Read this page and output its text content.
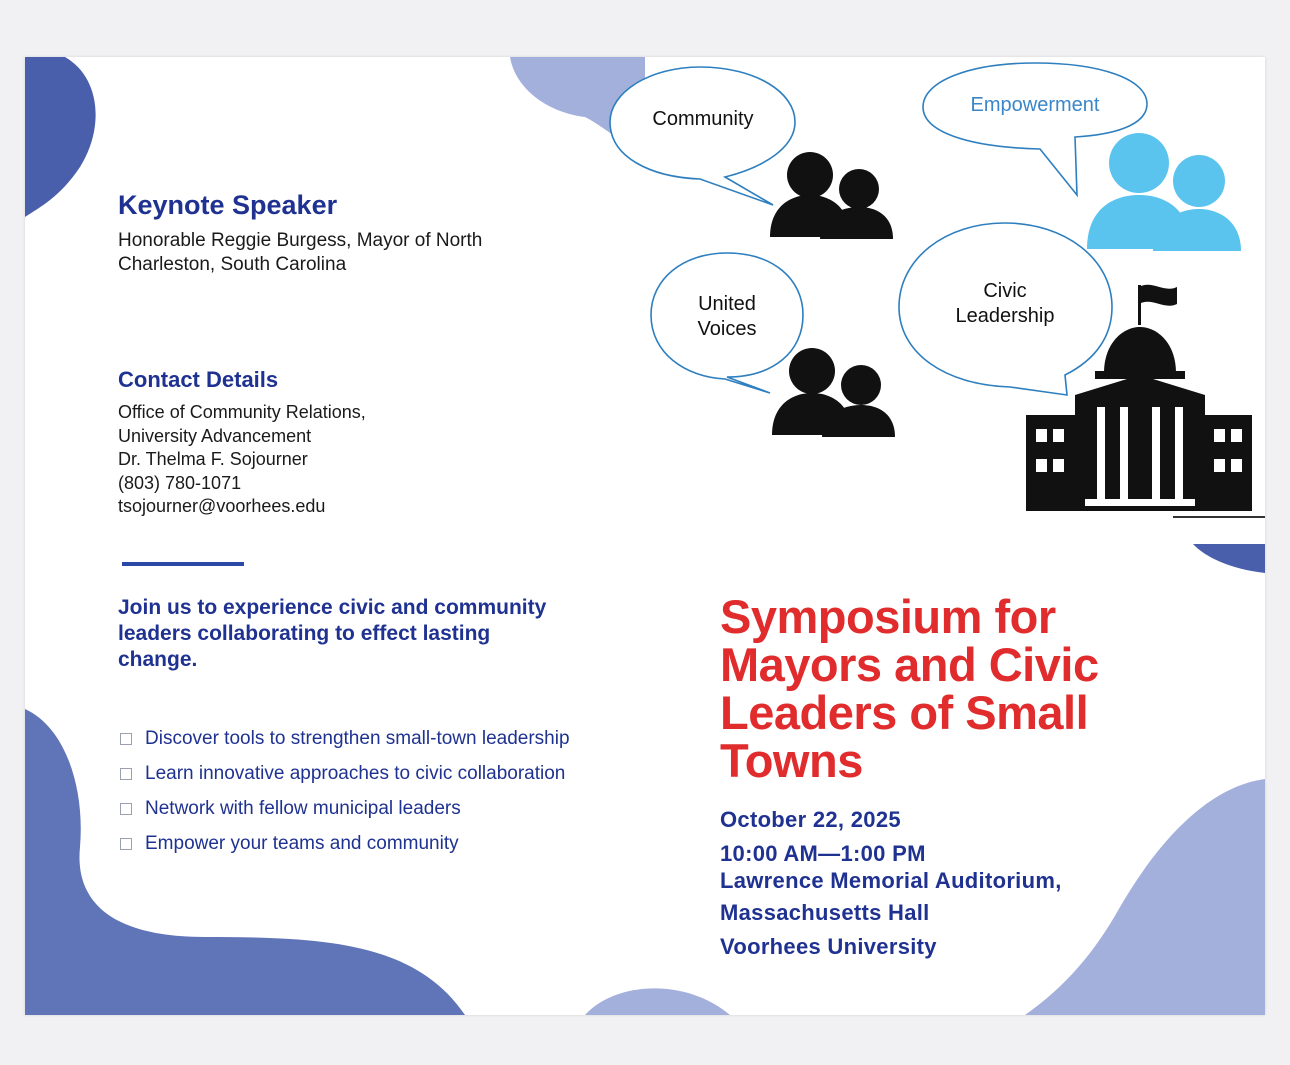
Community
Empowerment
United
Voices
Civic
Leadership
Keynote Speaker
Honorable Reggie Burgess, Mayor of North
Charleston, South Carolina
Contact Details
Office of Community Relations,
University Advancement
Dr. Thelma F. Sojourner
(803) 780-1071
tsojourner@voorhees.edu
Join us to experience civic and community
leaders collaborating to effect lasting
change.
Discover tools to strengthen small-town leadership
Learn innovative approaches to civic collaboration
Network with fellow municipal leaders
Empower your teams and community
Symposium for
Mayors and Civic
Leaders of Small
Towns
October 22, 2025
10:00 AM—1:00 PM
Lawrence Memorial Auditorium,
Massachusetts Hall
Voorhees University
